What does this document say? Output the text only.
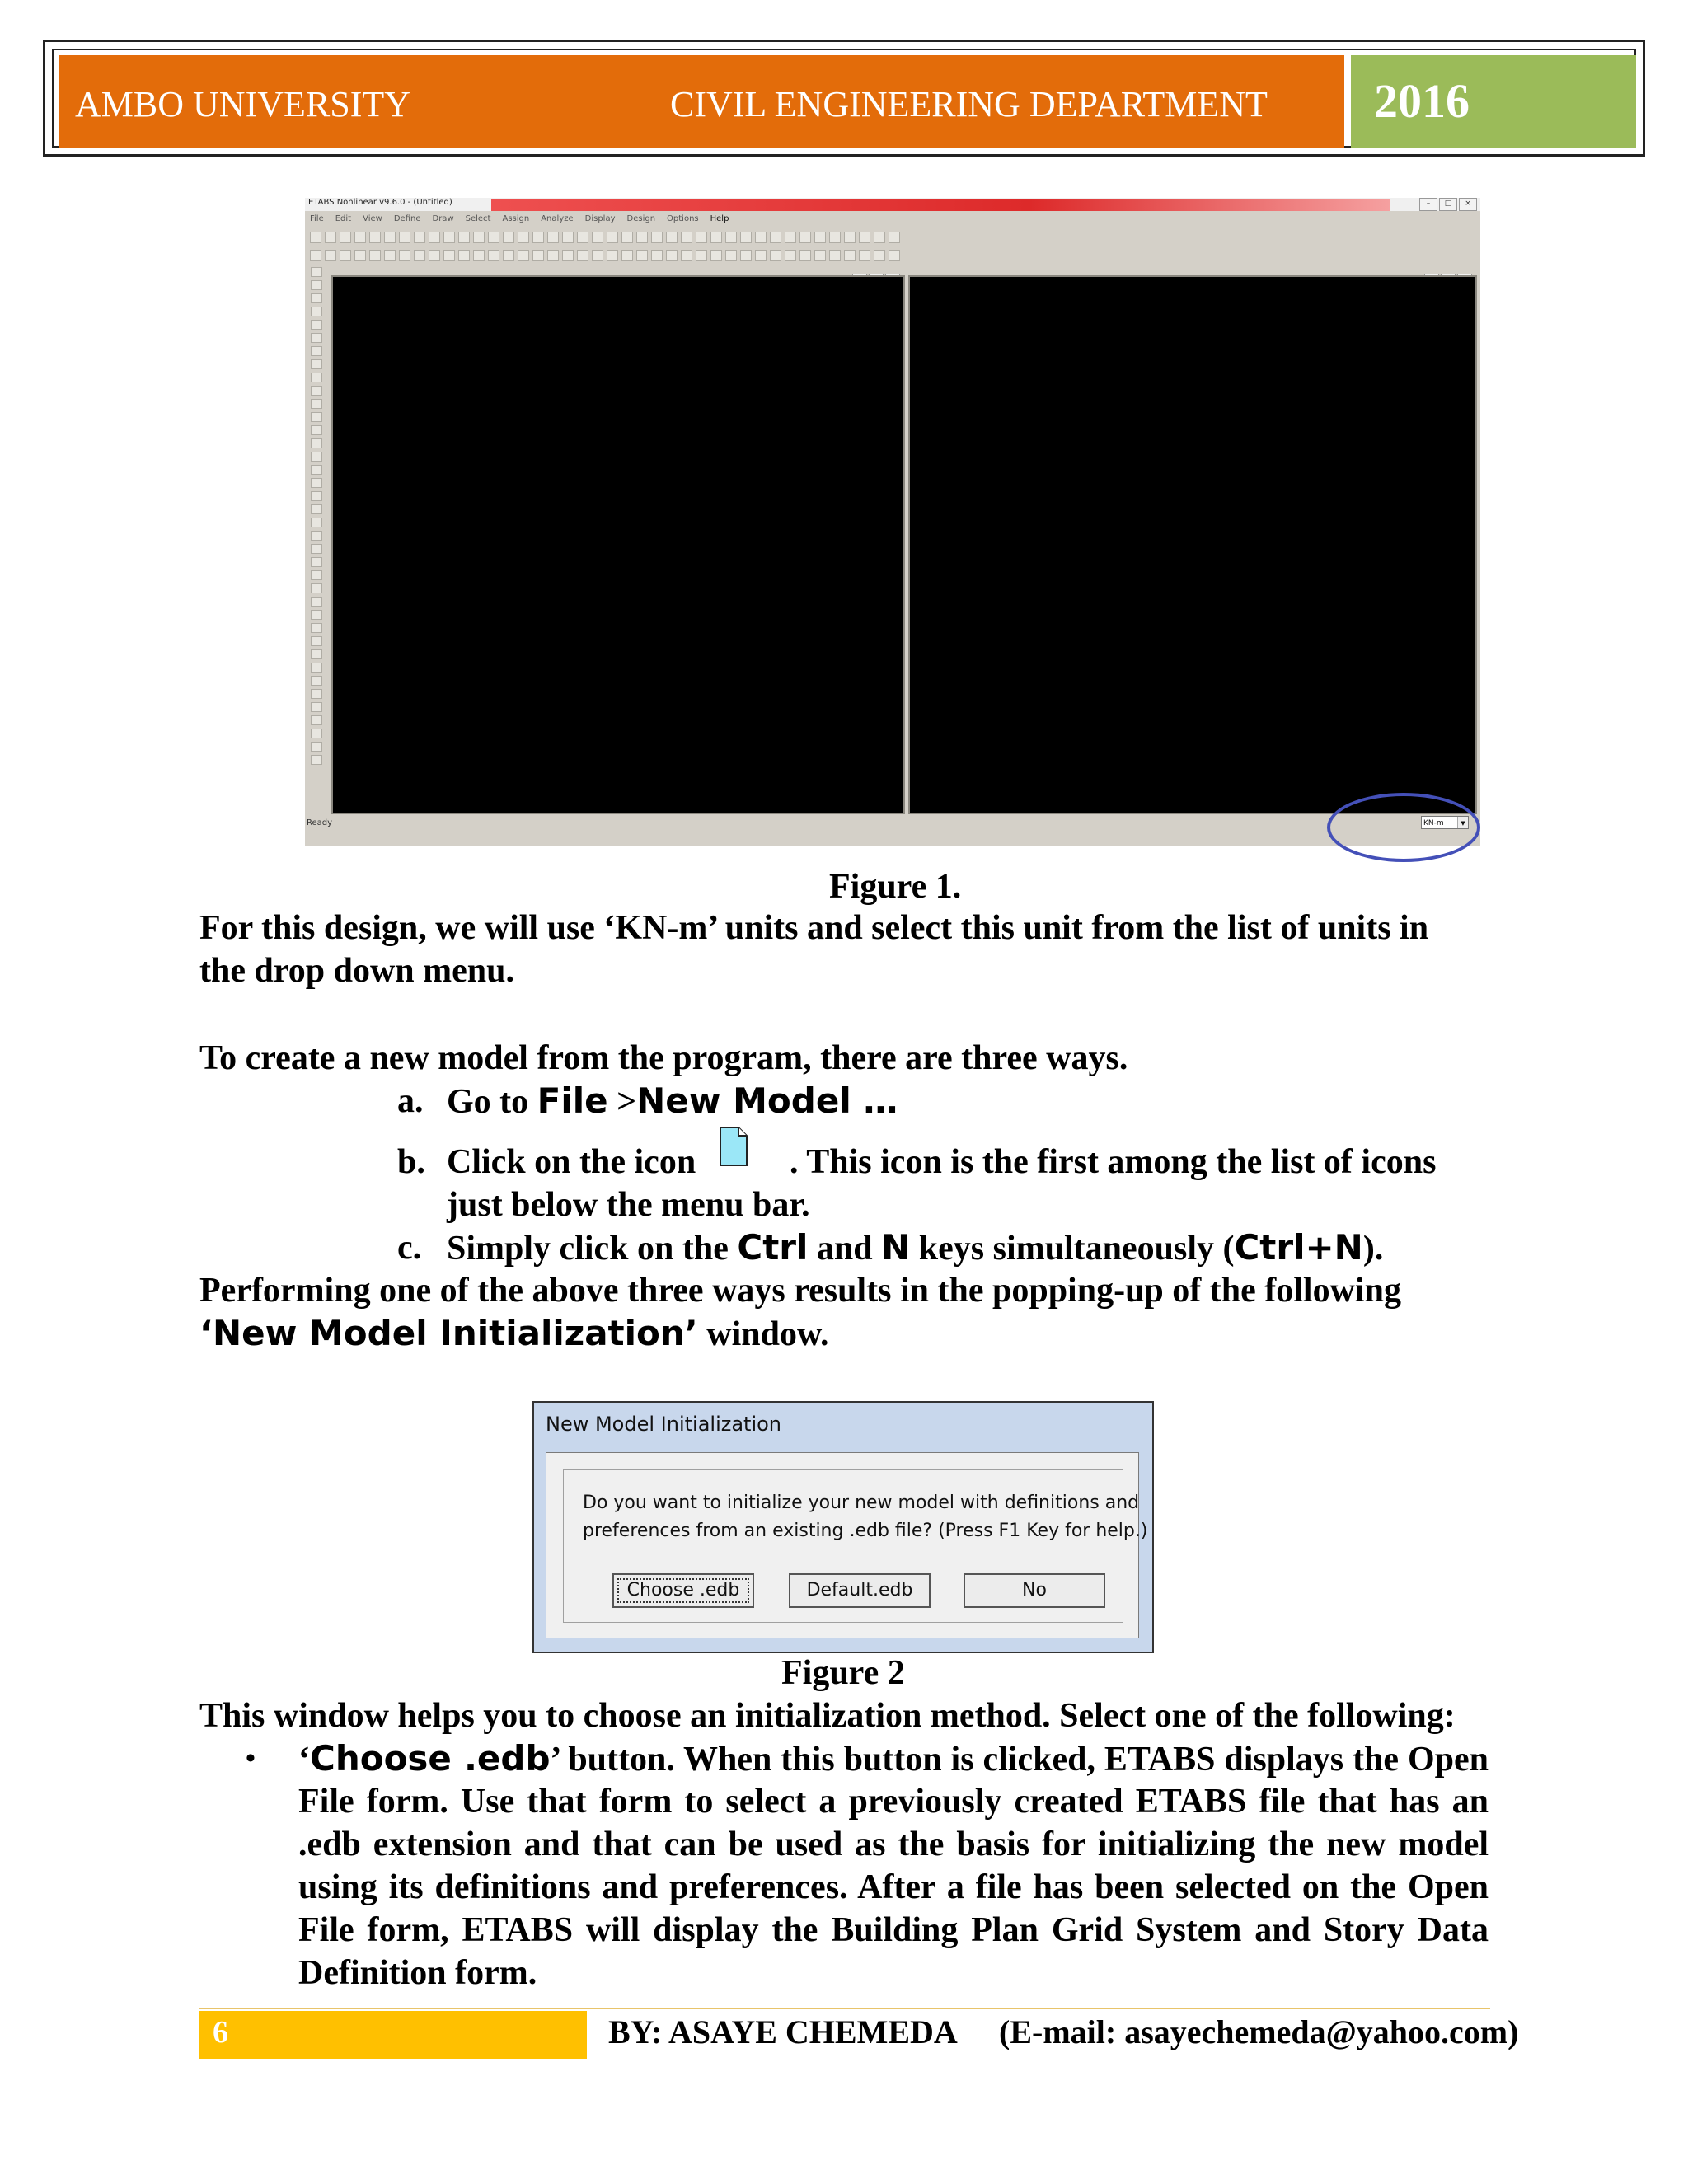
AMBO UNIVERSITY	CIVIL ENGINEERING DEPARTMENT 2016
ETABS Nonlinear v9.6.0 - (Untitled)	–	□	×
File Edit View Define Draw Select Assign Analyze Display Design Options Help
Ready	KN-m	▼
Figure 1.
For this design, we will use ‘KN-m’ units and select this unit from the list of units in
the drop down menu.
To create a new model from the program, there are three ways.
a. Go to File >New Model …
b. Click on the icon	. This icon is the first among the list of icons
just below the menu bar.
c. Simply click on the Ctrl and N keys simultaneously (Ctrl+N).
Performing one of the above three ways results in the popping-up of the following
‘New Model Initialization’ window.
New Model Initialization
Do you want to initialize your new model with definitions and
preferences from an existing .edb file? (Press F1 Key for help.)
Choose .edb	Default.edb	No
Figure 2
This window helps you to choose an initialization method. Select one of the following:
• ‘Choose .edb’ button. When this button is clicked, ETABS displays the Open
File form. Use that form to select a previously created ETABS file that has an
.edb extension and that can be used as the basis for initializing the new model
using its definitions and preferences. After a file has been selected on the Open
File form, ETABS will display the Building Plan Grid System and Story Data
Definition form.
6	BY: ASAYE CHEMEDA (E-mail: asayechemeda@yahoo.com)
